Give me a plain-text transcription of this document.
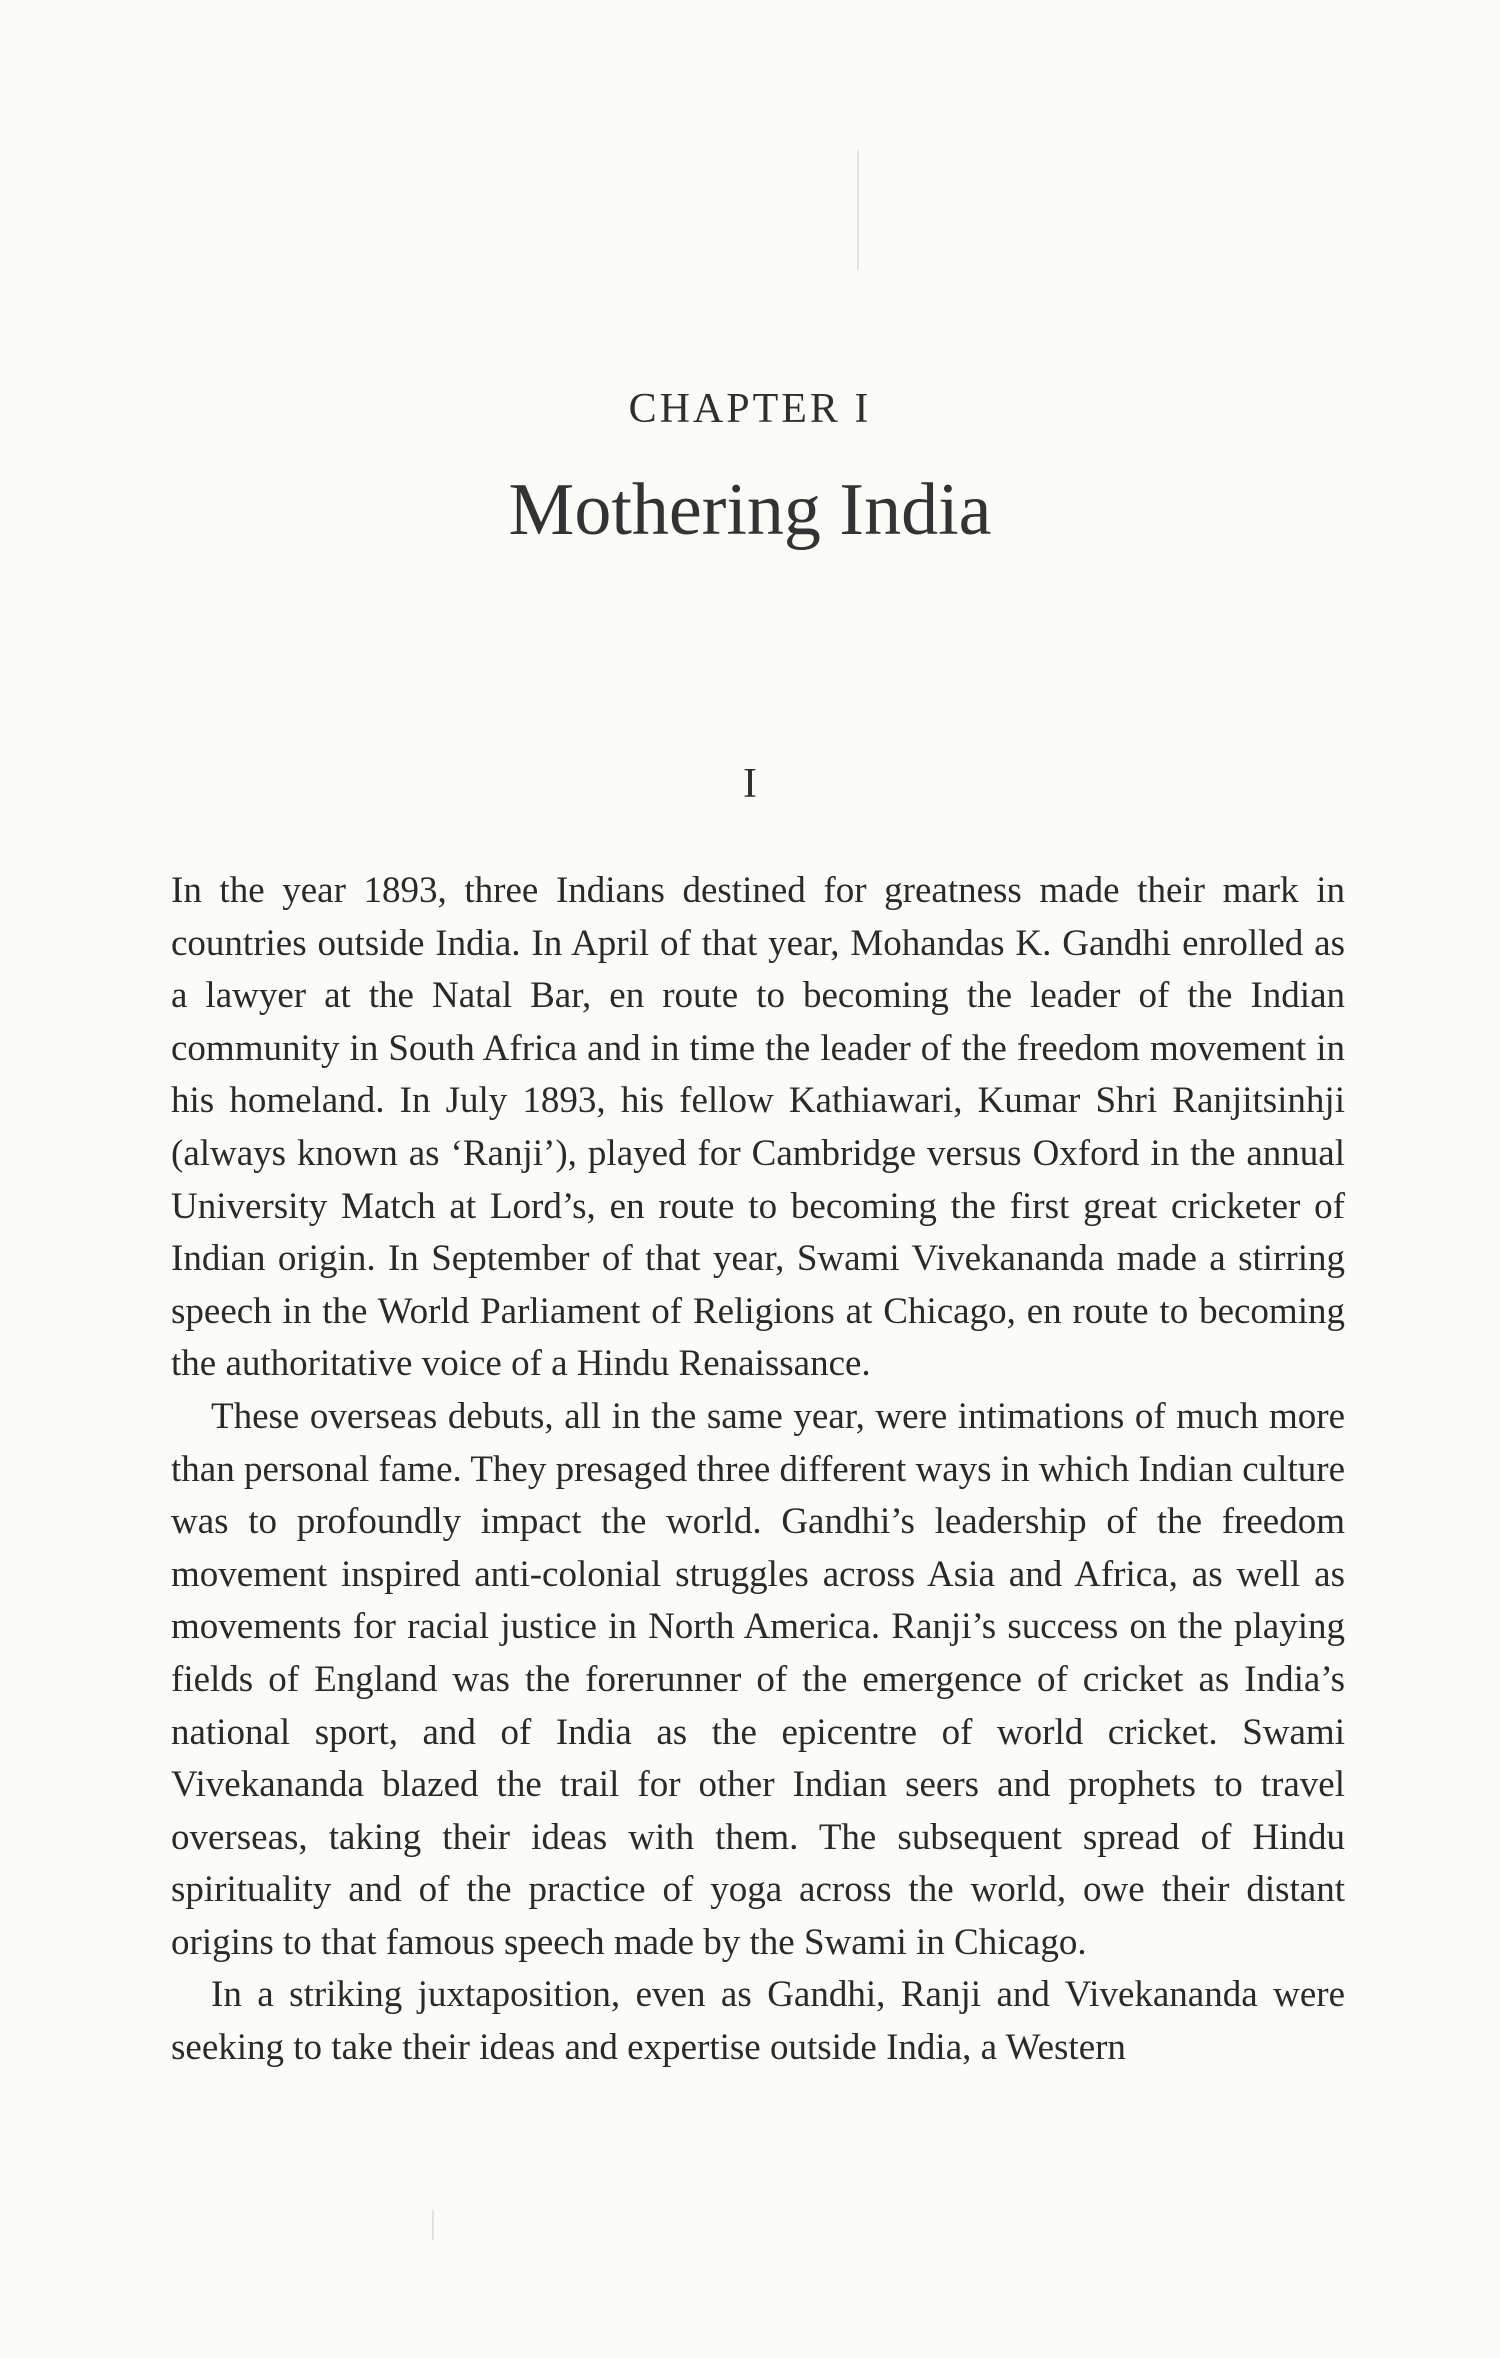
CHAPTER I
Mothering India
I

In the year 1893, three Indians destined for greatness made their mark in countries outside India. In April of that year, Mohandas K. Gandhi enrolled as a lawyer at the Natal Bar, en route to becoming the leader of the Indian community in South Africa and in time the leader of the freedom movement in his homeland. In July 1893, his fellow Kathiawari, Kumar Shri Ranjitsinhji (always known as ‘Ranji’), played for Cambridge versus Oxford in the annual University Match at Lord’s, en route to becoming the first great cricketer of Indian origin. In September of that year, Swami Vivekananda made a stirring speech in the World Parliament of Religions at Chicago, en route to becoming the authoritative voice of a Hindu Renaissance.

These overseas debuts, all in the same year, were intimations of much more than personal fame. They presaged three different ways in which Indian culture was to profoundly impact the world. Gandhi’s leadership of the freedom movement inspired anti-colonial struggles across Asia and Africa, as well as movements for racial justice in North America. Ranji’s success on the playing fields of England was the forerunner of the emergence of cricket as India’s national sport, and of India as the epicentre of world cricket. Swami Vivekananda blazed the trail for other Indian seers and prophets to travel overseas, taking their ideas with them. The subsequent spread of Hindu spirituality and of the practice of yoga across the world, owe their distant origins to that famous speech made by the Swami in Chicago.

In a striking juxtaposition, even as Gandhi, Ranji and Vivekananda were seeking to take their ideas and expertise outside India, a Western
